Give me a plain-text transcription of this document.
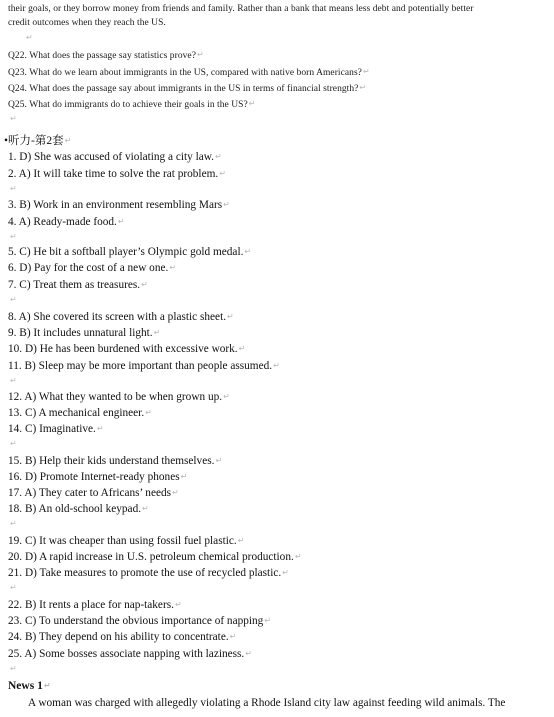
their goals, or they borrow money from friends and family. Rather than a bank that means less debt and potentially better
credit outcomes when they reach the US.
↵
Q22. What does the passage say statistics prove?↵
Q23. What do we learn about immigrants in the US, compared with native born Americans?↵
Q24. What does the passage say about immigrants in the US in terms of financial strength?↵
Q25. What do immigrants do to achieve their goals in the US?↵
↵
•听力-第2套↵
1. D) She was accused of violating a city law.↵
2. A) It will take time to solve the rat problem.↵
↵
3. B) Work in an environment resembling Mars↵
4. A) Ready-made food.↵
↵
5. C) He bit a softball player’s Olympic gold medal.↵
6. D) Pay for the cost of a new one.↵
7. C) Treat them as treasures.↵
↵
8. A) She covered its screen with a plastic sheet.↵
9. B) It includes unnatural light.↵
10. D) He has been burdened with excessive work.↵
11. B) Sleep may be more important than people assumed.↵
↵
12. A) What they wanted to be when grown up.↵
13. C) A mechanical engineer.↵
14. C) Imaginative.↵
↵
15. B) Help their kids understand themselves.↵
16. D) Promote Internet-ready phones↵
17. A) They cater to Africans’ needs↵
18. B) An old-school keypad.↵
↵
19. C) It was cheaper than using fossil fuel plastic.↵
20. D) A rapid increase in U.S. petroleum chemical production.↵
21. D) Take measures to promote the use of recycled plastic.↵
↵
22. B) It rents a place for nap-takers.↵
23. C) To understand the obvious importance of napping↵
24. B) They depend on his ability to concentrate.↵
25. A) Some bosses associate napping with laziness.↵
↵
News 1↵
A woman was charged with allegedly violating a Rhode Island city law against feeding wild animals. The
